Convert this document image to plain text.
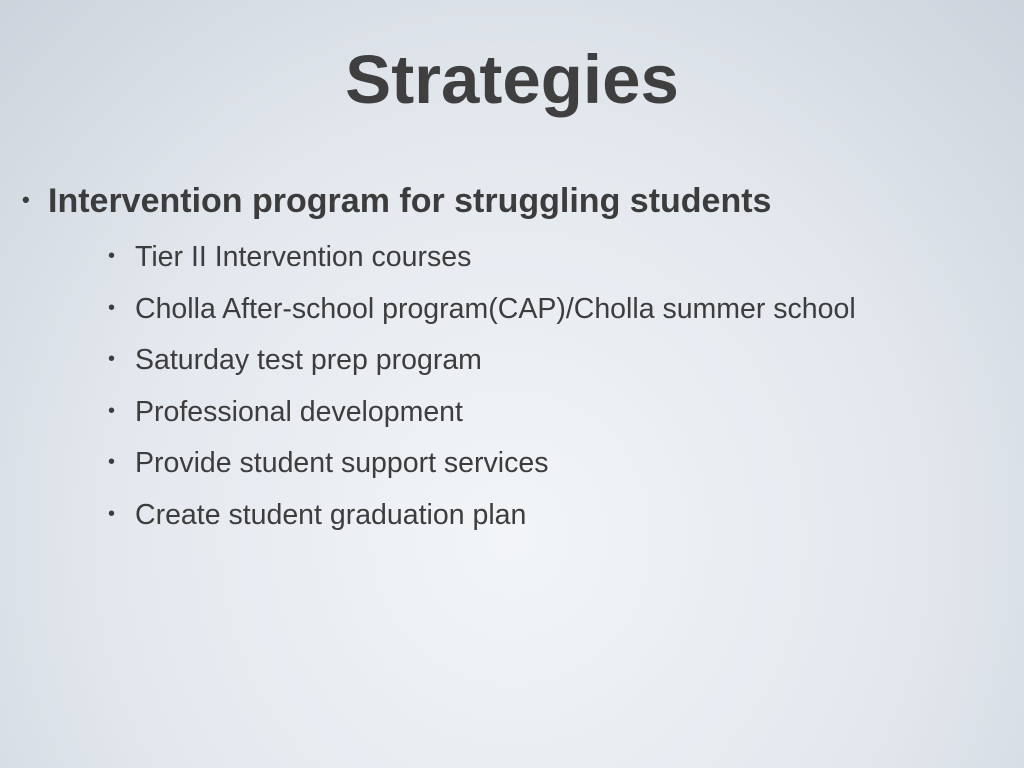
Strategies
• Intervention program for struggling students
• Tier II Intervention courses
• Cholla After-school program(CAP)/Cholla summer school
• Saturday test prep program
• Professional development
• Provide student support services
• Create student graduation plan
